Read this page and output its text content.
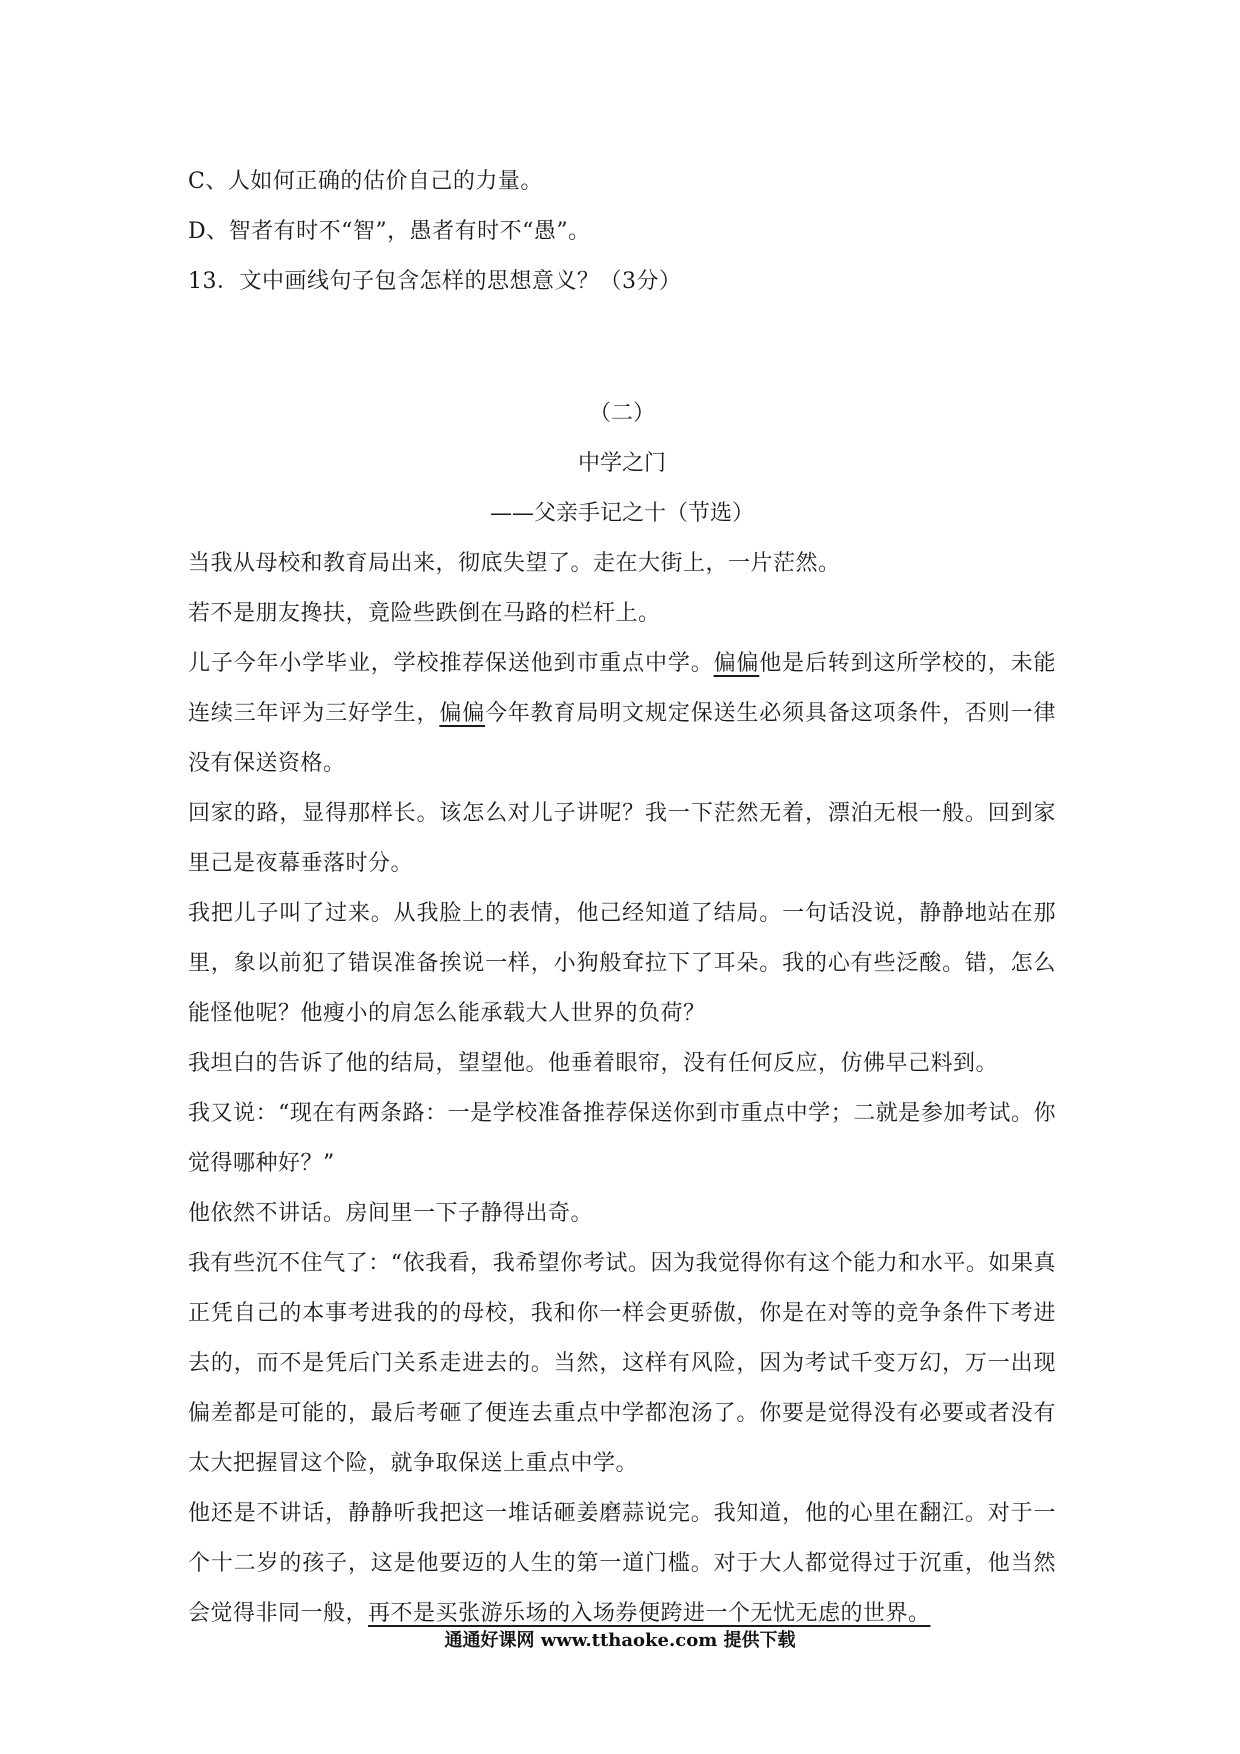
C、人如何正确的估价自己的力量。

D、智者有时不“智”，愚者有时不“愚”。

13．文中画线句子包含怎样的思想意义？（3分）

（二）

中学之门

——父亲手记之十（节选）

当我从母校和教育局出来，彻底失望了。走在大街上，一片茫然。

若不是朋友搀扶，竟险些跌倒在马路的栏杆上。

儿子今年小学毕业，学校推荐保送他到市重点中学。偏偏他是后转到这所学校的，未能连续三年评为三好学生，偏偏今年教育局明文规定保送生必须具备这项条件，否则一律没有保送资格。

回家的路，显得那样长。该怎么对儿子讲呢？我一下茫然无着，漂泊无根一般。回到家里己是夜幕垂落时分。

我把儿子叫了过来。从我脸上的表情，他己经知道了结局。一句话没说，静静地站在那里，象以前犯了错误准备挨说一样，小狗般耷拉下了耳朵。我的心有些泛酸。错，怎么能怪他呢？他瘦小的肩怎么能承载大人世界的负荷？

我坦白的告诉了他的结局，望望他。他垂着眼帘，没有任何反应，仿佛早己料到。

我又说：“现在有两条路：一是学校准备推荐保送你到市重点中学；二就是参加考试。你觉得哪种好？”

他依然不讲话。房间里一下子静得出奇。

我有些沉不住气了：“依我看，我希望你考试。因为我觉得你有这个能力和水平。如果真正凭自己的本事考进我的的母校，我和你一样会更骄傲，你是在对等的竞争条件下考进去的，而不是凭后门关系走进去的。当然，这样有风险，因为考试千变万幻，万一出现偏差都是可能的，最后考砸了便连去重点中学都泡汤了。你要是觉得没有必要或者没有太大把握冒这个险，就争取保送上重点中学。

他还是不讲话，静静听我把这一堆话砸姜磨蒜说完。我知道，他的心里在翻江。对于一个十二岁的孩子，这是他要迈的人生的第一道门槛。对于大人都觉得过于沉重，他当然会觉得非同一般，再不是买张游乐场的入场券便跨进一个无忧无虑的世界。

通通好课网 www.tthaoke.com 提供下载
